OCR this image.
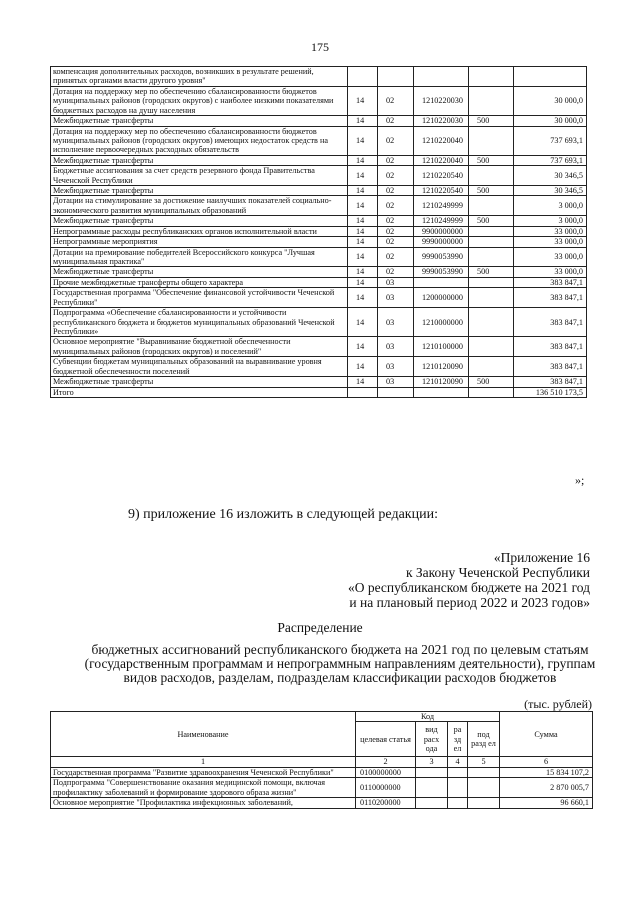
175
компенсация дополнительных расходов, возникших в результате решений, принятых органами власти другого уровня"					
Дотация на поддержку мер по обеспечению сбалансированности бюджетов муниципальных районов (городских округов) с наиболее низкими показателями бюджетных расходов на душу населения	14	02	1210220030		30 000,0
Межбюджетные трансферты	14	02	1210220030	500	30 000,0
Дотация на поддержку мер по обеспечению сбалансированности бюджетов муниципальных районов (городских округов) имеющих недостаток средств на исполнение первоочередных расходных обязательств	14	02	1210220040		737 693,1
Межбюджетные трансферты	14	02	1210220040	500	737 693,1
Бюджетные ассигнования за счет средств резервного фонда Правительства Чеченской Республики	14	02	1210220540		30 346,5
Межбюджетные трансферты	14	02	1210220540	500	30 346,5
Дотации на стимулирование за достижение наилучших показателей социально-экономического развития муниципальных образований	14	02	1210249999		3 000,0
Межбюджетные трансферты	14	02	1210249999	500	3 000,0
Непрограммные расходы республиканских органов исполнительной власти	14	02	9900000000		33 000,0
Непрограммные мероприятия	14	02	9990000000		33 000,0
Дотации на премирование победителей Всероссийского конкурса "Лучшая муниципальная практика"	14	02	9990053990		33 000,0
Межбюджетные трансферты	14	02	9990053990	500	33 000,0
Прочие межбюджетные трансферты общего характера	14	03			383 847,1
Государственная программа "Обеспечение финансовой устойчивости Чеченской Республики"	14	03	1200000000		383 847,1
Подпрограмма «Обеспечение сбалансированности и устойчивости республиканского бюджета и бюджетов муниципальных образований Чеченской Республики»	14	03	1210000000		383 847,1
Основное мероприятие "Выравнивание бюджетной обеспеченности муниципальных районов (городских округов) и поселений"	14	03	1210100000		383 847,1
Субвенции бюджетам муниципальных образований на выравнивание уровня бюджетной обеспеченности поселений	14	03	1210120090		383 847,1
Межбюджетные трансферты	14	03	1210120090	500	383 847,1
Итого					136 510 173,5
»;
9) приложение 16 изложить в следующей редакции:
«Приложение 16
к Закону Чеченской Республики
«О республиканском бюджете на 2021 год
и на плановый период 2022 и 2023 годов»
Распределение
бюджетных ассигнований республиканского бюджета на 2021 год по целевым статьям (государственным программам и непрограммным направлениям деятельности), группам видов расходов, разделам, подразделам классификации расходов бюджетов
(тыс. рублей)
Наименование	Код				Сумма
	целевая статья	вид расх ода	ра зд ел	под разд ел	
1	2	3	4	5	6
Государственная программа "Развитие здравоохранения Чеченской Республики"	0100000000				15 834 107,2
Подпрограмма "Совершенствование оказания медицинской помощи, включая профилактику заболеваний и формирование здорового образа жизни"	0110000000				2 870 005,7
Основное мероприятие "Профилактика инфекционных заболеваний,	0110200000				96 660,1
